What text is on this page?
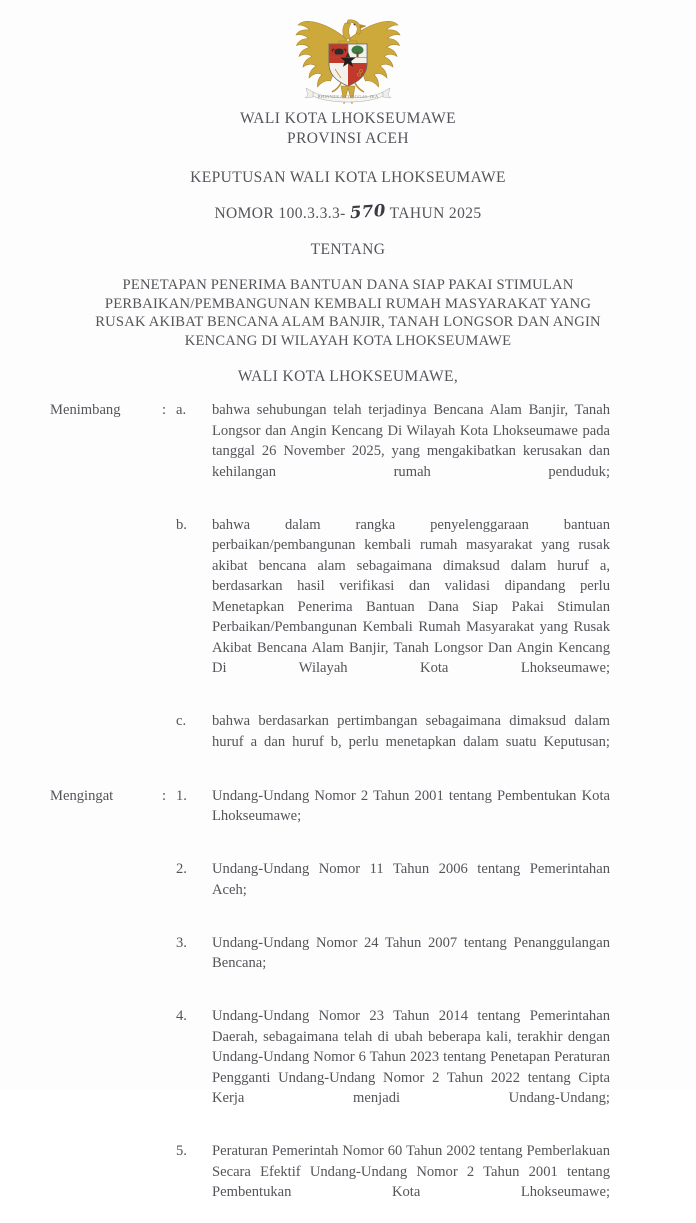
BHINNEKA TUNGGAL IKA
WALI KOTA LHOKSEUMAWE
PROVINSI ACEH
KEPUTUSAN WALI KOTA LHOKSEUMAWE
NOMOR 100.3.3.3- 570 TAHUN 2025
TENTANG
PENETAPAN PENERIMA BANTUAN DANA SIAP PAKAI STIMULAN
PERBAIKAN/PEMBANGUNAN KEMBALI RUMAH MASYARAKAT YANG
RUSAK AKIBAT BENCANA ALAM BANJIR, TANAH LONGSOR DAN ANGIN
KENCANG DI WILAYAH KOTA LHOKSEUMAWE
WALI KOTA LHOKSEUMAWE,
Menimbang	: a.	bahwa sehubungan telah terjadinya Bencana Alam Banjir, Tanah Longsor dan Angin Kencang Di Wilayah Kota Lhokseumawe pada tanggal 26 November 2025, yang mengakibatkan kerusakan dan kehilangan rumah penduduk;
b.	bahwa dalam rangka penyelenggaraan bantuan perbaikan/pembangunan kembali rumah masyarakat yang rusak akibat bencana alam sebagaimana dimaksud dalam huruf a, berdasarkan hasil verifikasi dan validasi dipandang perlu Menetapkan Penerima Bantuan Dana Siap Pakai Stimulan Perbaikan/Pembangunan Kembali Rumah Masyarakat yang Rusak Akibat Bencana Alam Banjir, Tanah Longsor Dan Angin Kencang Di Wilayah Kota Lhokseumawe;
c.	bahwa berdasarkan pertimbangan sebagaimana dimaksud dalam huruf a dan huruf b, perlu menetapkan dalam suatu Keputusan;
Mengingat	: 1.	Undang-Undang Nomor 2 Tahun 2001 tentang Pembentukan Kota Lhokseumawe;
2.	Undang-Undang Nomor 11 Tahun 2006 tentang Pemerintahan Aceh;
3.	Undang-Undang Nomor 24 Tahun 2007 tentang Penanggulangan Bencana;
4.	Undang-Undang Nomor 23 Tahun 2014 tentang Pemerintahan Daerah, sebagaimana telah di ubah beberapa kali, terakhir dengan Undang-Undang Nomor 6 Tahun 2023 tentang Penetapan Peraturan Pengganti Undang-Undang Nomor 2 Tahun 2022 tentang Cipta Kerja menjadi Undang-Undang;
5.	Peraturan Pemerintah Nomor 60 Tahun 2002 tentang Pemberlakuan Secara Efektif Undang-Undang Nomor 2 Tahun 2001 tentang Pembentukan Kota Lhokseumawe;
